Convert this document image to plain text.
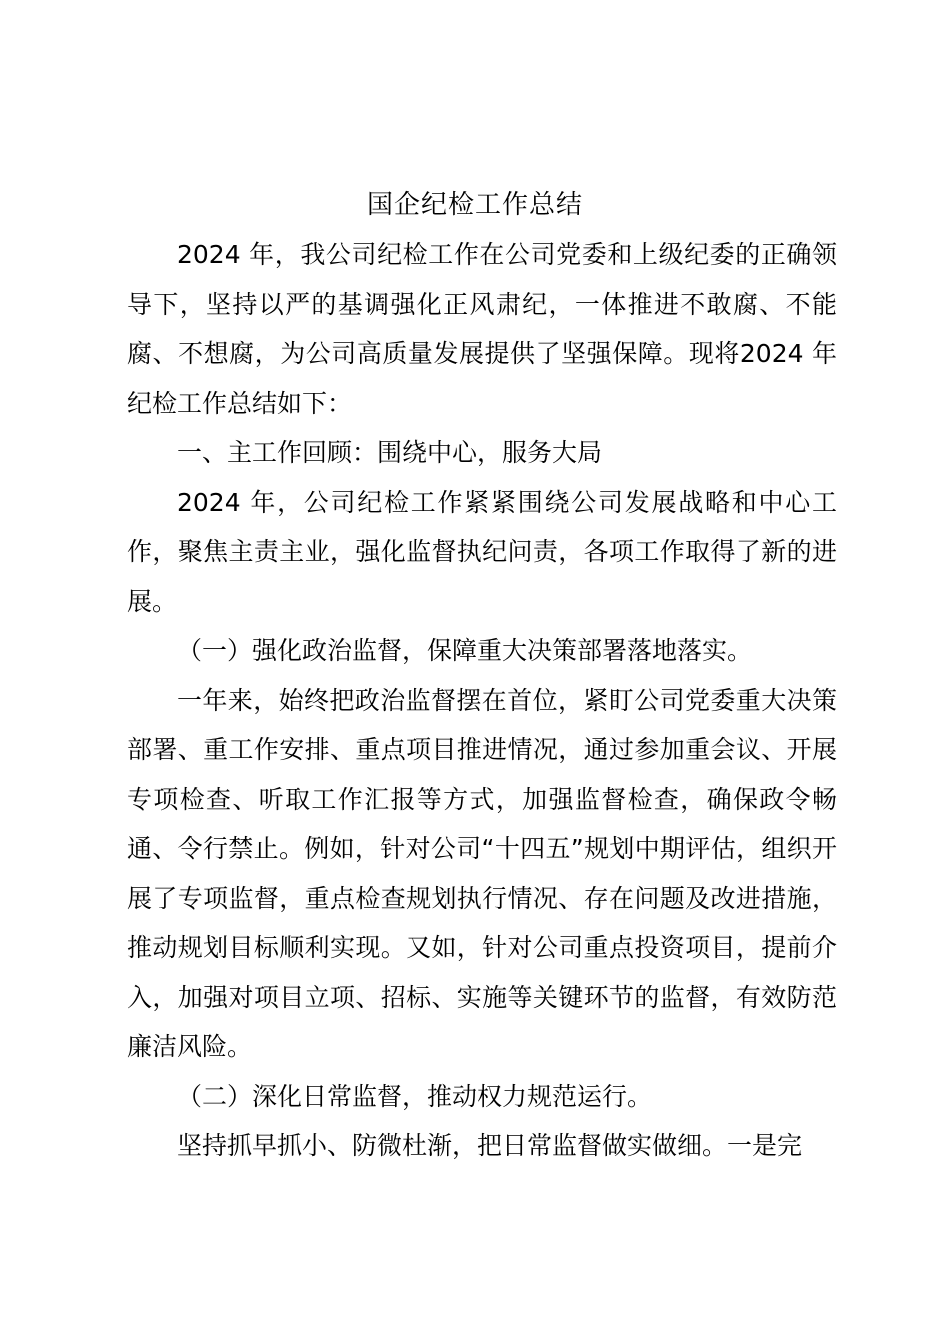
国企纪检工作总结

2024 年，我公司纪检工作在公司党委和上级纪委的正确领导下，坚持以严的基调强化正风肃纪，一体推进不敢腐、不能腐、不想腐，为公司高质量发展提供了坚强保障。现将2024 年纪检工作总结如下：

一、主工作回顾：围绕中心，服务大局

2024 年，公司纪检工作紧紧围绕公司发展战略和中心工作，聚焦主责主业，强化监督执纪问责，各项工作取得了新的进展。

（一）强化政治监督，保障重大决策部署落地落实。

一年来，始终把政治监督摆在首位，紧盯公司党委重大决策部署、重工作安排、重点项目推进情况，通过参加重会议、开展专项检查、听取工作汇报等方式，加强监督检查，确保政令畅通、令行禁止。例如，针对公司“十四五”规划中期评估，组织开展了专项监督，重点检查规划执行情况、存在问题及改进措施，推动规划目标顺利实现。又如，针对公司重点投资项目，提前介入，加强对项目立项、招标、实施等关键环节的监督，有效防范廉洁风险。

（二）深化日常监督，推动权力规范运行。

坚持抓早抓小、防微杜渐，把日常监督做实做细。一是完
